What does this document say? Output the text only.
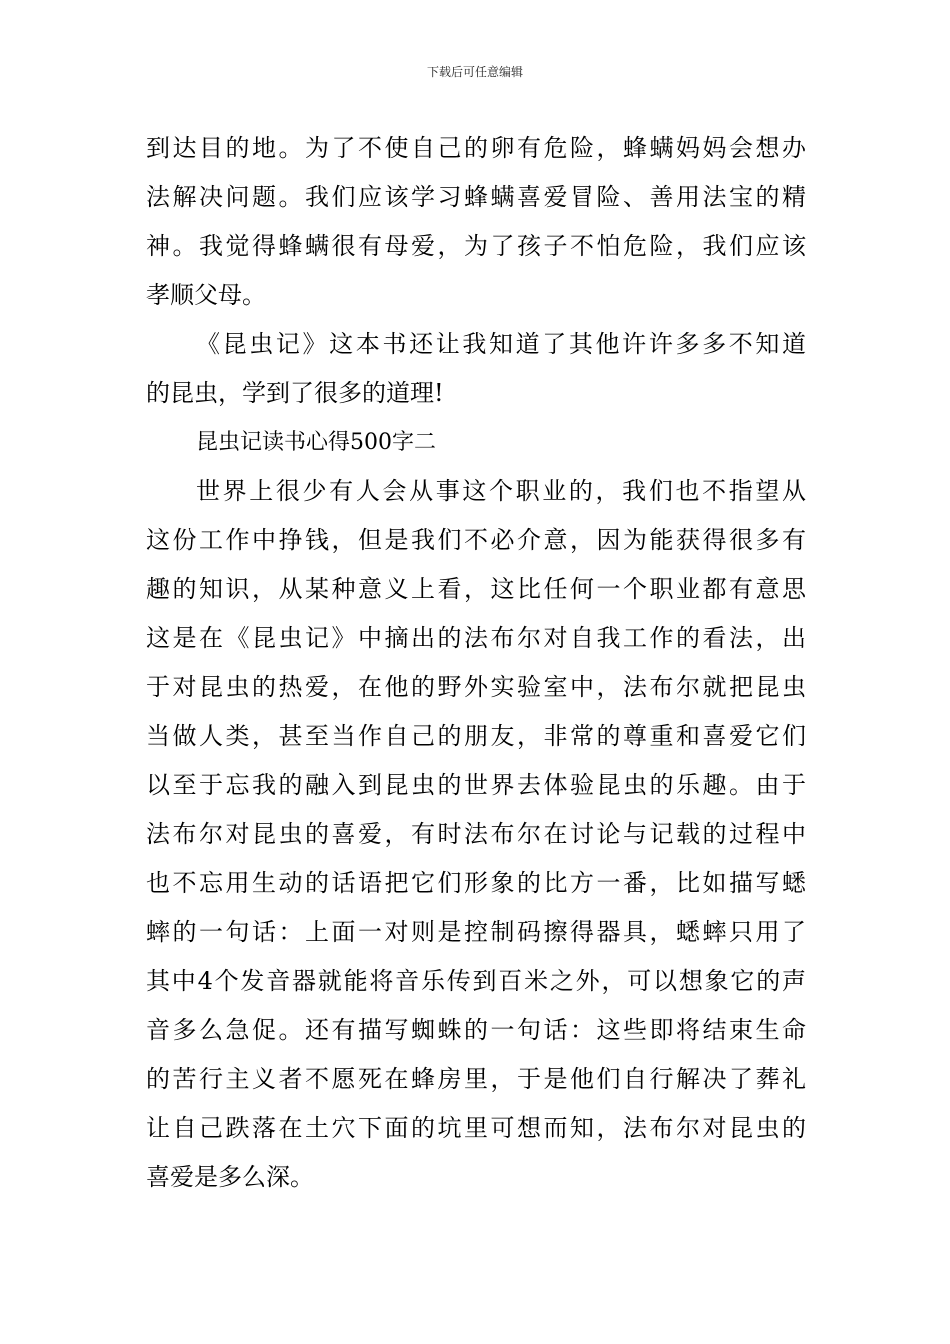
下载后可任意编辑
到达目的地。为了不使自己的卵有危险，蜂螨妈妈会想办
法解决问题。我们应该学习蜂螨喜爱冒险、善用法宝的精
神。我觉得蜂螨很有母爱，为了孩子不怕危险，我们应该
孝顺父母。
《昆虫记》这本书还让我知道了其他许许多多不知道
的昆虫，学到了很多的道理!
昆虫记读书心得500字二
世界上很少有人会从事这个职业的，我们也不指望从
这份工作中挣钱，但是我们不必介意，因为能获得很多有
趣的知识，从某种意义上看，这比任何一个职业都有意思
这是在《昆虫记》中摘出的法布尔对自我工作的看法，出
于对昆虫的热爱，在他的野外实验室中，法布尔就把昆虫
当做人类，甚至当作自己的朋友，非常的尊重和喜爱它们
以至于忘我的融入到昆虫的世界去体验昆虫的乐趣。由于
法布尔对昆虫的喜爱，有时法布尔在讨论与记载的过程中
也不忘用生动的话语把它们形象的比方一番，比如描写蟋
蟀的一句话：上面一对则是控制码擦得器具，蟋蟀只用了
其中4个发音器就能将音乐传到百米之外，可以想象它的声
音多么急促。还有描写蜘蛛的一句话：这些即将结束生命
的苦行主义者不愿死在蜂房里，于是他们自行解决了葬礼
让自己跌落在土穴下面的坑里可想而知，法布尔对昆虫的
喜爱是多么深。
